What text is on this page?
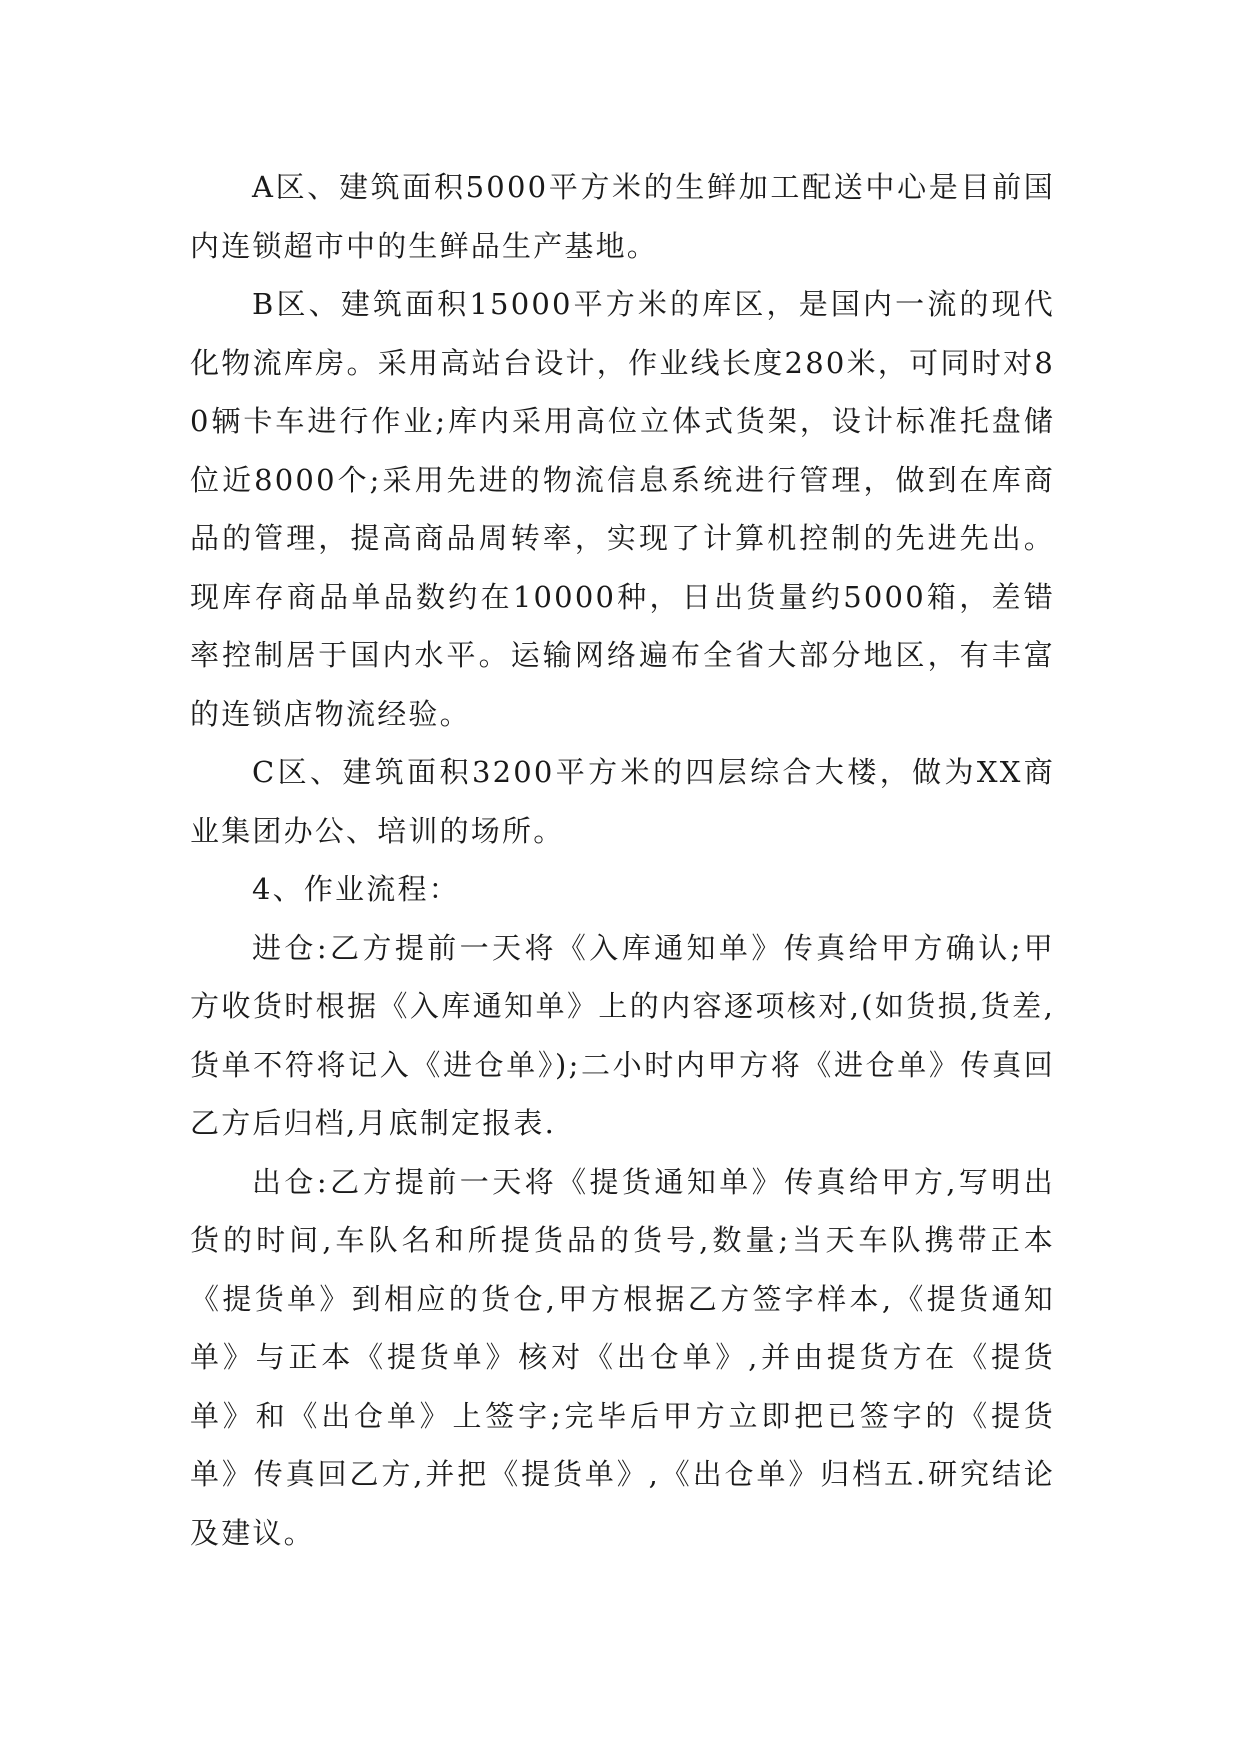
A区、建筑面积5000平方米的生鲜加工配送中心是目前国内连锁超市中的生鲜品生产基地。

B区、建筑面积15000平方米的库区，是国内一流的现代化物流库房。采用高站台设计，作业线长度280米，可同时对80辆卡车进行作业;库内采用高位立体式货架，设计标准托盘储位近8000个;采用先进的物流信息系统进行管理，做到在库商品的管理，提高商品周转率，实现了计算机控制的先进先出。现库存商品单品数约在10000种，日出货量约5000箱，差错率控制居于国内水平。运输网络遍布全省大部分地区，有丰富的连锁店物流经验。

C区、建筑面积3200平方米的四层综合大楼，做为XX商业集团办公、培训的场所。

4、作业流程：

进仓:乙方提前一天将《入库通知单》传真给甲方确认;甲方收货时根据《入库通知单》上的内容逐项核对,(如货损,货差,货单不符将记入《进仓单》);二小时内甲方将《进仓单》传真回乙方后归档,月底制定报表.

出仓:乙方提前一天将《提货通知单》传真给甲方,写明出货的时间,车队名和所提货品的货号,数量;当天车队携带正本《提货单》到相应的货仓,甲方根据乙方签字样本,《提货通知单》与正本《提货单》核对《出仓单》,并由提货方在《提货单》和《出仓单》上签字;完毕后甲方立即把已签字的《提货单》传真回乙方,并把《提货单》,《出仓单》归档五.研究结论及建议。
